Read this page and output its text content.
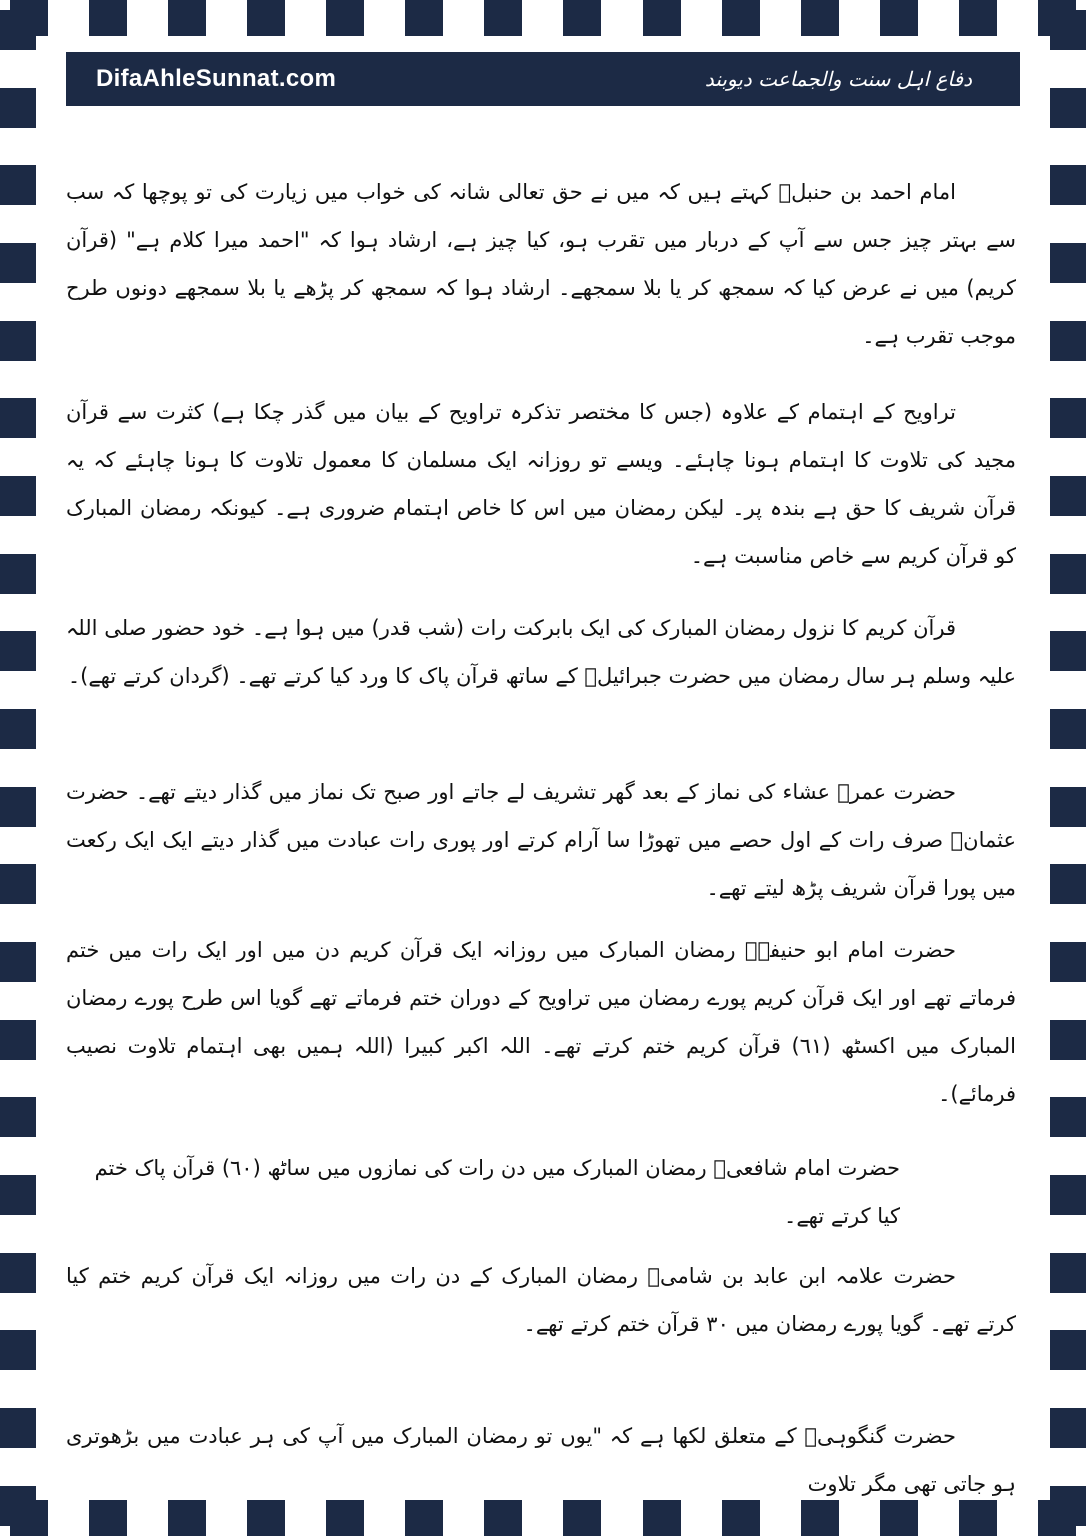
DifaAhleSunnat.com	دفاع اہل سنت والجماعت دیوبند

امام احمد بن حنبلؒ کہتے ہیں کہ میں نے حق تعالی شانہ کی خواب میں زیارت کی تو پوچھا کہ سب سے بہتر چیز جس سے آپ کے دربار میں تقرب ہو، کیا چیز ہے، ارشاد ہوا کہ "احمد میرا کلام ہے" (قرآن کریم) میں نے عرض کیا کہ سمجھ کر یا بلا سمجھے۔ ارشاد ہوا کہ سمجھ کر پڑھے یا بلا سمجھے دونوں طرح موجب تقرب ہے۔

تراویح کے اہتمام کے علاوہ (جس کا مختصر تذکرہ تراویح کے بیان میں گذر چکا ہے) کثرت سے قرآن مجید کی تلاوت کا اہتمام ہونا چاہئے۔ ویسے تو روزانہ ایک مسلمان کا معمول تلاوت کا ہونا چاہئے کہ یہ قرآن شریف کا حق ہے بندہ پر۔ لیکن رمضان میں اس کا خاص اہتمام ضروری ہے۔ کیونکہ رمضان المبارک کو قرآن کریم سے خاص مناسبت ہے۔

قرآن کریم کا نزول رمضان المبارک کی ایک بابرکت رات (شب قدر) میں ہوا ہے۔ خود حضور صلی اللہ علیہ وسلم ہر سال رمضان میں حضرت جبرائیلؑ کے ساتھ قرآن پاک کا ورد کیا کرتے تھے۔ (گردان کرتے تھے)۔

حضرت عمرؓ عشاء کی نماز کے بعد گھر تشریف لے جاتے اور صبح تک نماز میں گذار دیتے تھے۔ حضرت عثمانؓ صرف رات کے اول حصے میں تھوڑا سا آرام کرتے اور پوری رات عبادت میں گذار دیتے ایک ایک رکعت میں پورا قرآن شریف پڑھ لیتے تھے۔

حضرت امام ابو حنیفہؒ رمضان المبارک میں روزانہ ایک قرآن کریم دن میں اور ایک رات میں ختم فرماتے تھے اور ایک قرآن کریم پورے رمضان میں تراویح کے دوران ختم فرماتے تھے گویا اس طرح پورے رمضان المبارک میں اکسٹھ (٦١) قرآن کریم ختم کرتے تھے۔ اللہ اکبر کبیرا (اللہ ہمیں بھی اہتمام تلاوت نصیب فرمائے)۔

حضرت امام شافعیؒ رمضان المبارک میں دن رات کی نمازوں میں ساٹھ (٦٠) قرآن پاک ختم کیا کرتے تھے۔

حضرت علامہ ابن عابد بن شامیؒ رمضان المبارک کے دن رات میں روزانہ ایک قرآن کریم ختم کیا کرتے تھے۔ گویا پورے رمضان میں ٣٠ قرآن ختم کرتے تھے۔

حضرت گنگوہیؒ کے متعلق لکھا ہے کہ "یوں تو رمضان المبارک میں آپ کی ہر عبادت میں بڑھوتری ہو جاتی تھی مگر تلاوت
